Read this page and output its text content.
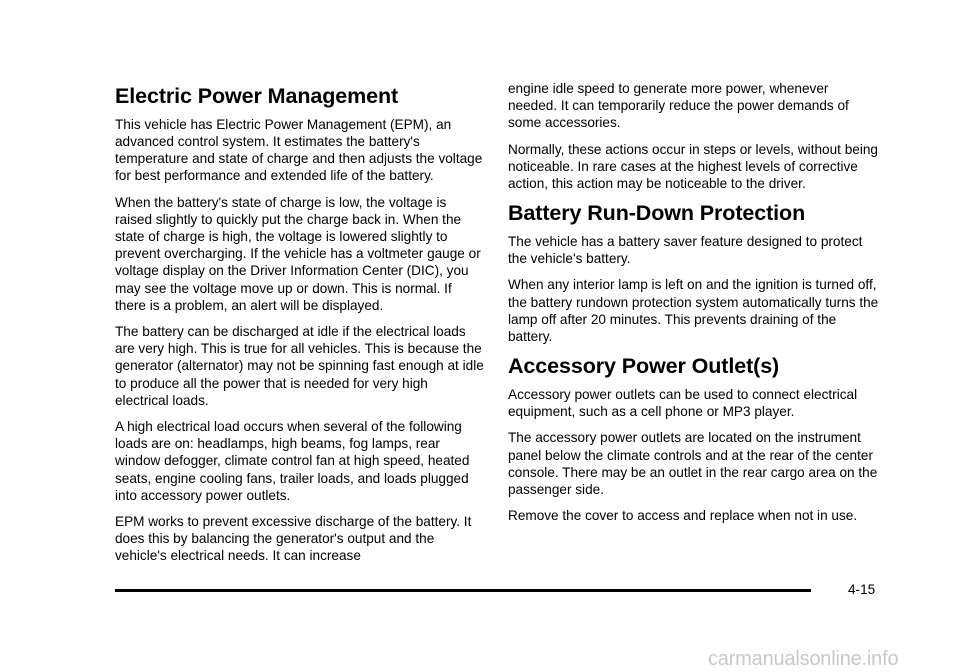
Electric Power Management

This vehicle has Electric Power Management (EPM), an advanced control system. It estimates the battery's temperature and state of charge and then adjusts the voltage for best performance and extended life of the battery.

When the battery's state of charge is low, the voltage is raised slightly to quickly put the charge back in. When the state of charge is high, the voltage is lowered slightly to prevent overcharging. If the vehicle has a voltmeter gauge or voltage display on the Driver Information Center (DIC), you may see the voltage move up or down. This is normal. If there is a problem, an alert will be displayed.

The battery can be discharged at idle if the electrical loads are very high. This is true for all vehicles. This is because the generator (alternator) may not be spinning fast enough at idle to produce all the power that is needed for very high electrical loads.

A high electrical load occurs when several of the following loads are on: headlamps, high beams, fog lamps, rear window defogger, climate control fan at high speed, heated seats, engine cooling fans, trailer loads, and loads plugged into accessory power outlets.

EPM works to prevent excessive discharge of the battery. It does this by balancing the generator's output and the vehicle's electrical needs. It can increase

engine idle speed to generate more power, whenever needed. It can temporarily reduce the power demands of some accessories.

Normally, these actions occur in steps or levels, without being noticeable. In rare cases at the highest levels of corrective action, this action may be noticeable to the driver.

Battery Run-Down Protection

The vehicle has a battery saver feature designed to protect the vehicle's battery.

When any interior lamp is left on and the ignition is turned off, the battery rundown protection system automatically turns the lamp off after 20 minutes. This prevents draining of the battery.

Accessory Power Outlet(s)

Accessory power outlets can be used to connect electrical equipment, such as a cell phone or MP3 player.

The accessory power outlets are located on the instrument panel below the climate controls and at the rear of the center console. There may be an outlet in the rear cargo area on the passenger side.

Remove the cover to access and replace when not in use.

4-15
carmanualsonline.info
